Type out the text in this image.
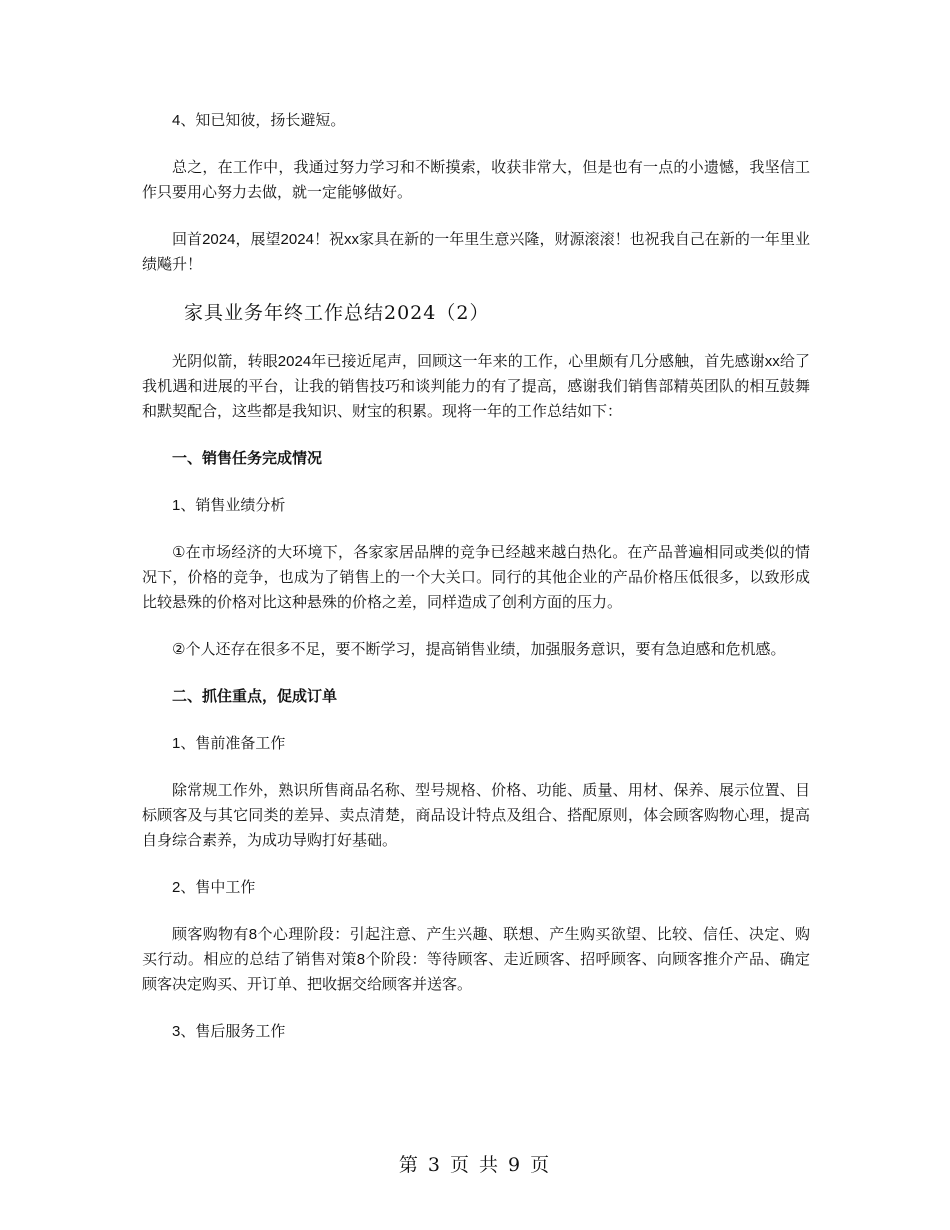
4、知已知彼，扬长避短。

总之，在工作中，我通过努力学习和不断摸索，收获非常大，但是也有一点的小遗憾，我坚信工作只要用心努力去做，就一定能够做好。

回首2024，展望2024！祝xx家具在新的一年里生意兴隆，财源滚滚！也祝我自己在新的一年里业绩飚升！

家具业务年终工作总结2024（2）

光阴似箭，转眼2024年已接近尾声，回顾这一年来的工作，心里颇有几分感触，首先感谢xx给了我机遇和进展的平台，让我的销售技巧和谈判能力的有了提高，感谢我们销售部精英团队的相互鼓舞和默契配合，这些都是我知识、财宝的积累。现将一年的工作总结如下：

一、销售任务完成情况

1、销售业绩分析

①在市场经济的大环境下，各家家居品牌的竞争已经越来越白热化。在产品普遍相同或类似的情况下，价格的竞争，也成为了销售上的一个大关口。同行的其他企业的产品价格压低很多，以致形成比较悬殊的价格对比这种悬殊的价格之差，同样造成了创利方面的压力。

②个人还存在很多不足，要不断学习，提高销售业绩，加强服务意识，要有急迫感和危机感。

二、抓住重点，促成订单

1、售前准备工作

除常规工作外，熟识所售商品名称、型号规格、价格、功能、质量、用材、保养、展示位置、目标顾客及与其它同类的差异、卖点清楚，商品设计特点及组合、搭配原则，体会顾客购物心理，提高自身综合素养，为成功导购打好基础。

2、售中工作

顾客购物有8个心理阶段：引起注意、产生兴趣、联想、产生购买欲望、比较、信任、决定、购买行动。相应的总结了销售对策8个阶段：等待顾客、走近顾客、招呼顾客、向顾客推介产品、确定顾客决定购买、开订单、把收据交给顾客并送客。

3、售后服务工作

第 3 页 共 9 页
